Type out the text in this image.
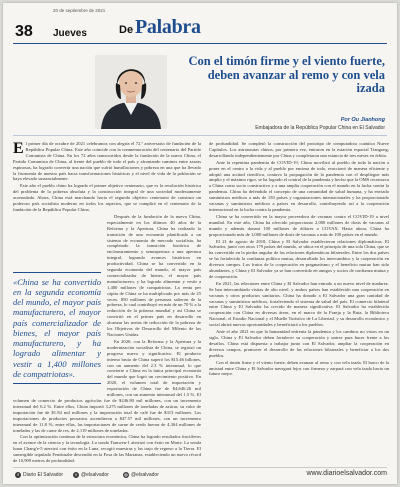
20 de septiembre de 2021
38 Jueves	De Palabra
Con el timón firme y el viento fuerte, deben avanzar al remo y con vela izada
Por Ou Jianhong
Embajadora de la República Popular China en El Salvador
E l primer día de octubre de 2021 celebramos con alegría el 72.º aniversario de fundación de la República Popular China. Este año coincide con la conmemoración del centenario del Partido Comunista de China. En los 72 años transcurridos desde la fundación de la nueva China, el Partido Comunista de China, al frente del pueblo de todo el país y afrontando caminos entre zarzas espinosas, ha logrado convertir una nación que sufrió humillaciones y pobreza en una que ha llevado la fisonomía de nuestro país hacia transformaciones históricas y el nivel de vida de la población se haya elevado sustancialmente.

Este año el pueblo chino ha logrado el primer objetivo centenario, que es la resolución histórica del problema de la pobreza absoluta y la construcción integral de una sociedad modestamente acomodada. Ahora, China está marchando hacia el segundo objetivo centenario de construir un poderoso país socialista moderno en todos los aspectos, que se cumplirá en el centenario de la fundación de la República Popular China.

«China se ha convertido en la segunda economía del mundo, el mayor país manufacturero, el mayor país comercializador de bienes, el mayor país manufacturero, y ha logrado alimentar y vestir a 1,400 millones de compatriotas».

Después de la fundación de la nueva China, especialmente en los últimos 40 años de la Reforma y la Apertura, China ha realizado la transición de una economía planificada a un sistema de economía de mercado socialista, ha completado la transición histórica de enclaustramiento y semiapertura a una apertura integral, logrando avances históricos en productividad. China se ha convertido en la segunda economía del mundo, el mayor país comercializador de bienes, el mayor país manufacturero, y ha logrado alimentar y vestir a 1,400 millones de compatriotas. La renta per cápita de China se ha multiplicado por más de 25 veces. 850 millones de personas salieron de la pobreza, lo cual contribuyó en más de un 70 % a la reducción de la pobreza mundial y así China se convirtió en el primer país en desarrollo en alcanzar las metas de reducción de la pobreza de los Objetivos de Desarrollo del Milenio de las Naciones Unidas.

En 2020, con la Reforma y la Apertura y la modernización socialista de China, se registró un progreso nuevo y significativo. El producto interno bruto de China superó los $15.46 billones, con un aumento del 2.3 % interanual, lo que convierte a China en la única principal economía del mundo que logró un crecimiento positivo. En 2020, el volumen total de importación y exportación de China fue de $4,646.26 mil millones, con un aumento interanual del 1.5 %. El volumen de comercio de productos agrícolas fue de $246.80 mil millones, con un incremento interanual del 6.2 %. Entre ellos, China importó 3,275 millones de toneladas de azúcar, su valor de importación fue de $1.84 mil millones y la importación total de café fue de $313 millones. Las importaciones de productos pecuarios ascendieron a $47.57 mil millones, con un incremento interanual de 11.8 %; entre ellas, las importaciones de carne de cerdo fueron de 4,304 millones de toneladas y las de carne de res, de 2,119 millones de toneladas.

Con la optimización continua de la estructura económica, China ha logrado resultados fructíferos en el avance de la ciencia y la tecnología. La sonda Tianwen-1 aterrizó con éxito en Marte. La sonda lunar Chang'e-5 aterrizó con éxito en la Luna, recogió muestras y las trajo de regreso a la Tierra. El sumergible tripulado Fendouzhe descendió en la Fosa de las Marianas, estableciendo un nuevo récord de 10,909 metros de profundidad.

de profundidad. Se completó la construcción del prototipo de computadora cuántica Nueve Capítulos. Los astronautas chinos, por primera vez, entraron en la estación espacial Tiangong, desarrollando independientemente por China y completaron una estancia de tres meses en órbita.

Ante la repentina pandemia de COVID-19, China movilizó al pueblo de toda la nación a poner en el centro a la vida y al pueblo por encima de todo, reaccionó de manera eficiente y adoptó una actitud científica, contuvo la propagación de la pandemia con el despliegue más amplio y el máximo rigor, se ha logrado el control de la pandemia y hecho que la OMS reconozca a China como socio constructivo y a una amplia cooperación con el mundo en la lucha contra la pandemia. China ha defendido el concepto de una comunidad de salud humana, y ha enviado suministros médicos a más de 150 países y organizaciones internacionales y ha proporcionado vacunas y suministros médicos a países en desarrollo, contribuyendo así a la cooperación internacional en la lucha contra la pandemia.

China se ha convertido en la mayor proveedora de vacunas contra el COVID-19 a nivel mundial. En este año, China ha ofrecido proporcionar 2,000 millones de dosis de vacunas al mundo y además donará 100 millones de dólares a COVAX. Hasta ahora, China ha proporcionado más de 1,000 millones de dosis de vacunas a más de 100 países en el mundo.

El 21 de agosto de 2018, China y El Salvador establecieron relaciones diplomáticas. El Salvador, junto con otros 179 países del mundo, se ubica en el principio de una sola China, que se ha convertido en la piedra angular de las relaciones diplomáticas bilaterales. Entre los dos países se ha fortalecido la confianza política mutua, desarrollado los intercambios y la cooperación en diversos campos. Los frutos de la cooperación en pragmatismo y el beneficio mutuo han sido abundantes, y China y El Salvador ya se han convertido en amigos y socios de confianza mutua y de cooperación.

En 2021, las relaciones entre China y El Salvador han entrado a un nuevo nivel de madurez. Se han intercambiado visitas de alto nivel, y ambos países han establecido una cooperación en vacunas y otros productos sanitarios. China ha donado a El Salvador una gran cantidad de vacunas y suministros médicos, fortaleciendo el sistema de salud del país. El comercio bilateral entre China y El Salvador ha crecido de manera significativa. El Salvador ha establecido cooperación con China en diversas áreas, en el marco de la Franja y la Ruta, la Biblioteca Nacional, el Estadio Nacional y el Muelle Turístico de La Libertad, y su desarrollo económico y social abrirá nuevas oportunidades y beneficiará a los pueblos.

Ante el año 2021 en que la humanidad enfrenta la pandemia y los cambios no vistos en un siglo, China y El Salvador deben fortalecer su cooperación y unirse para hacer frente a los desafíos. China está dispuesta a trabajar junto con El Salvador, ampliar la cooperación en diversos campos, promover el desarrollo de las relaciones bilaterales y beneficiar a los dos pueblos.

Con el timón firme y el viento fuerte, deben avanzar al remo y con vela izada. El barco de la amistad entre China y El Salvador navegará lejos con firmeza y zarpará con vela izada hacia un futuro mejor.

f Diario El Salvador	t @elsalvador	◎ @elsalvador	www.diarioelsalvador.com
